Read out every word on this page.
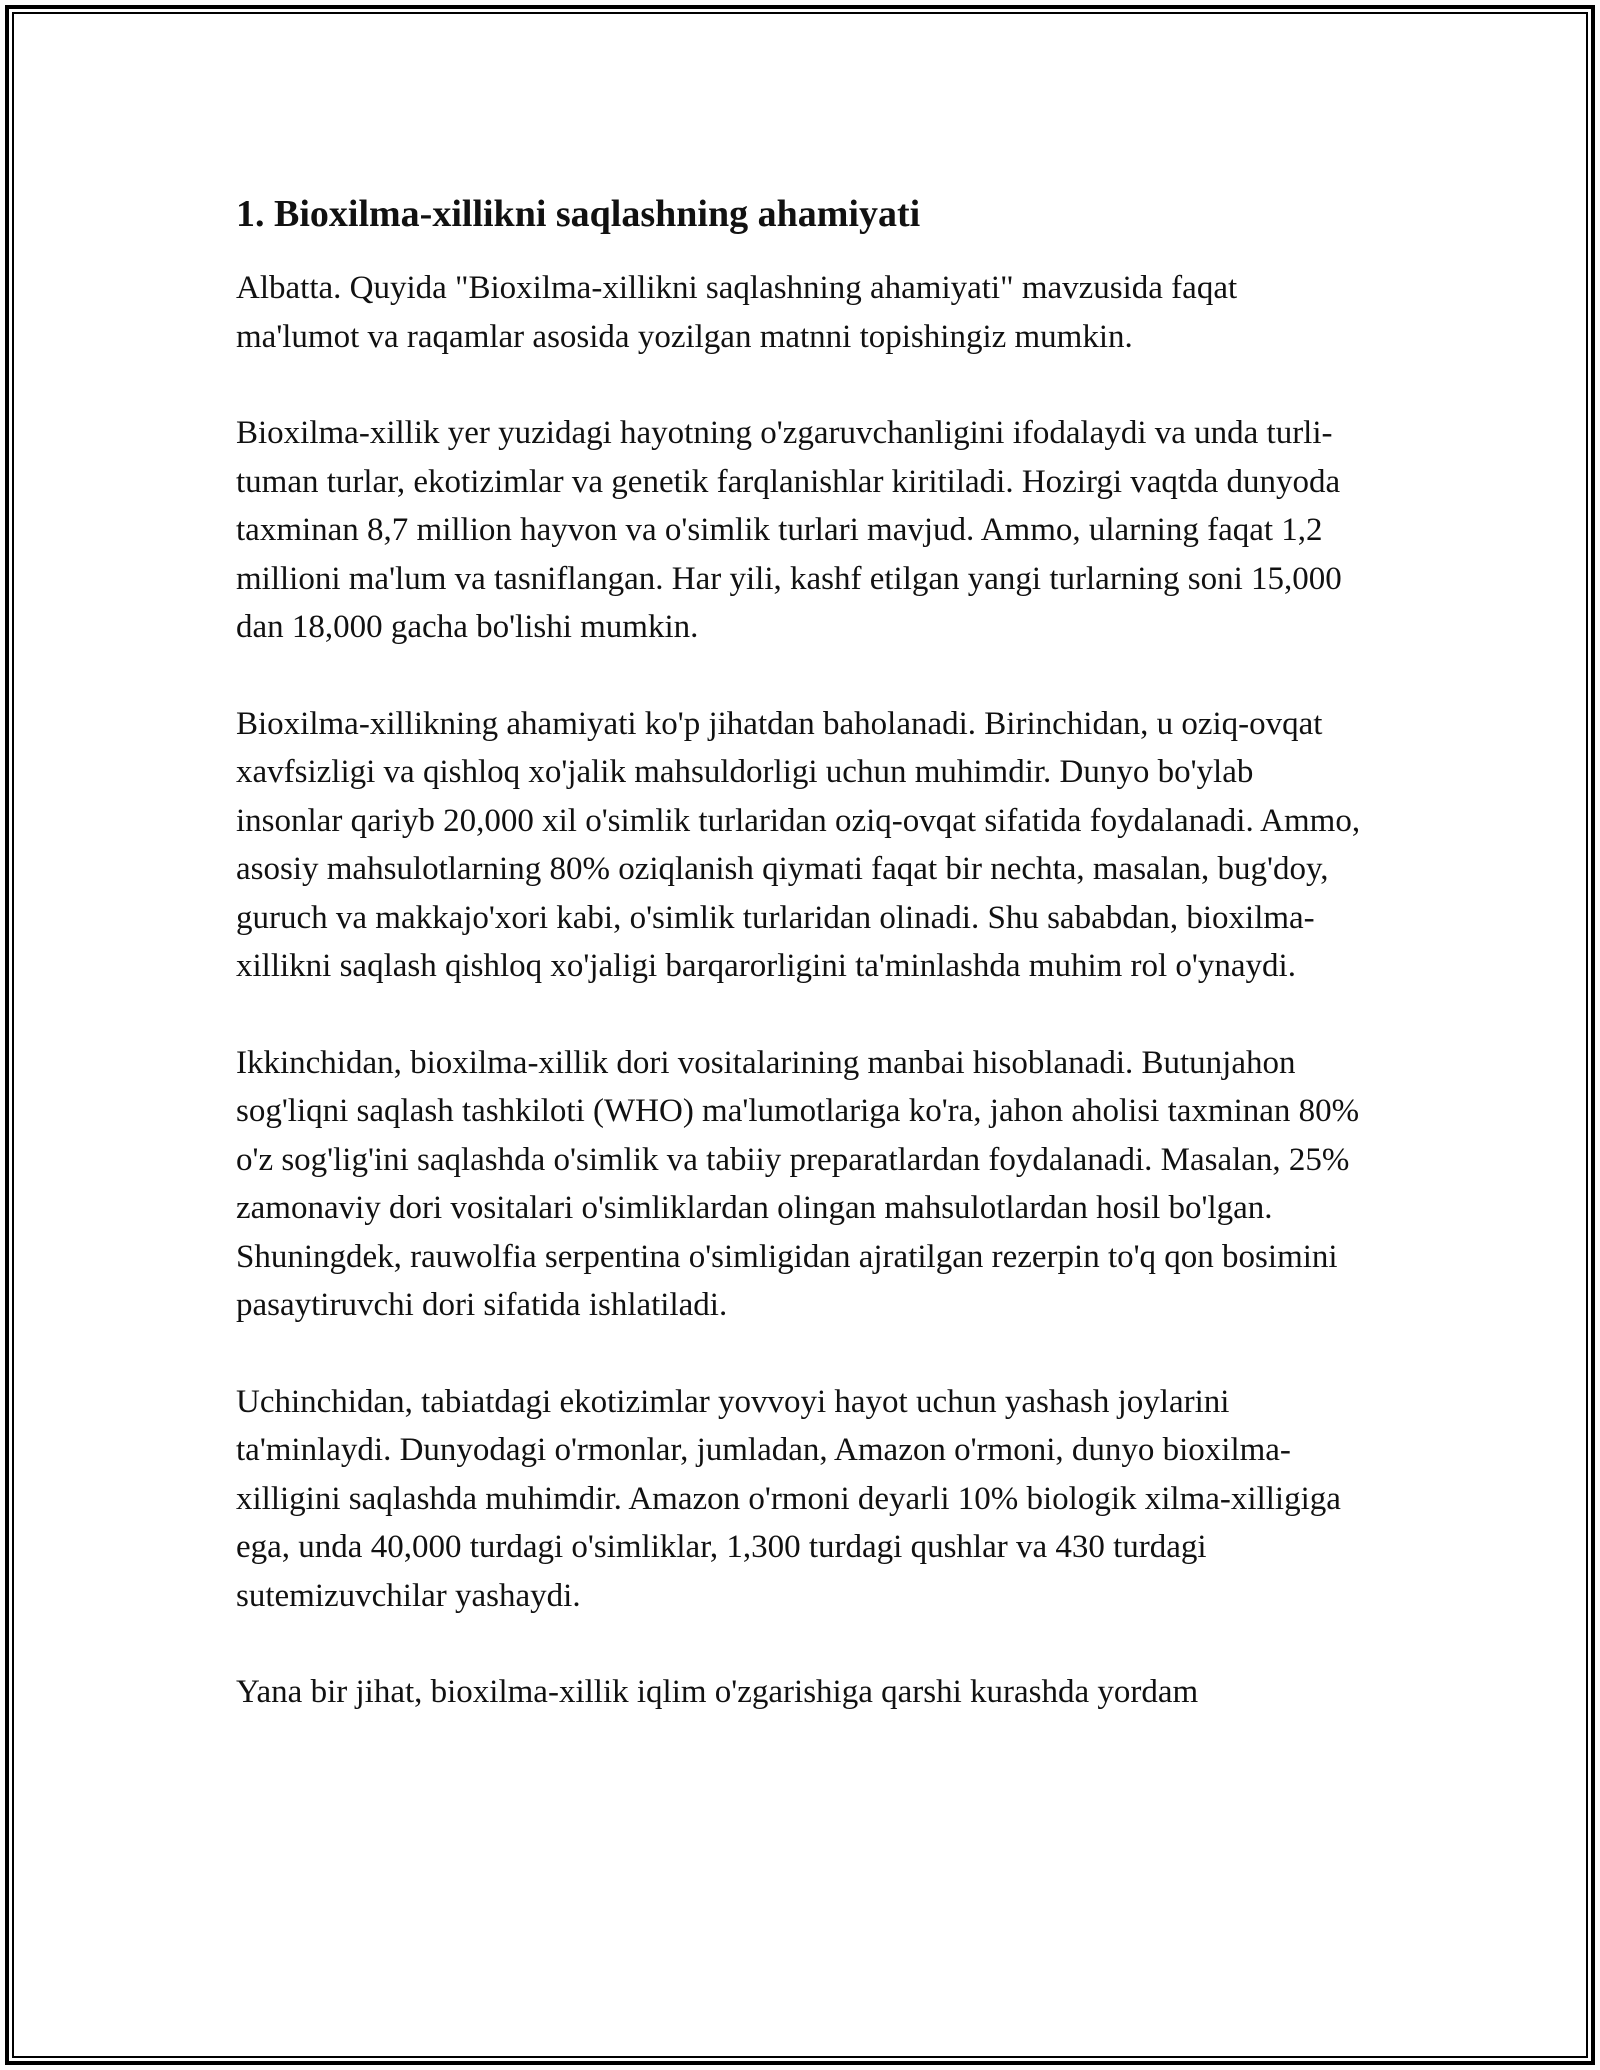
1. Bioxilma-xillikni saqlashning ahamiyati

Albatta. Quyida "Bioxilma-xillikni saqlashning ahamiyati" mavzusida faqat ma'lumot va raqamlar asosida yozilgan matnni topishingiz mumkin.

Bioxilma-xillik yer yuzidagi hayotning o'zgaruvchanligini ifodalaydi va unda turli-tuman turlar, ekotizimlar va genetik farqlanishlar kiritiladi. Hozirgi vaqtda dunyoda taxminan 8,7 million hayvon va o'simlik turlari mavjud. Ammo, ularning faqat 1,2 millioni ma'lum va tasniflangan. Har yili, kashf etilgan yangi turlarning soni 15,000 dan 18,000 gacha bo'lishi mumkin.

Bioxilma-xillikning ahamiyati ko'p jihatdan baholanadi. Birinchidan, u oziq-ovqat xavfsizligi va qishloq xo'jalik mahsuldorligi uchun muhimdir. Dunyo bo'ylab insonlar qariyb 20,000 xil o'simlik turlaridan oziq-ovqat sifatida foydalanadi. Ammo, asosiy mahsulotlarning 80% oziqlanish qiymati faqat bir nechta, masalan, bug'doy, guruch va makkajo'xori kabi, o'simlik turlaridan olinadi. Shu sababdan, bioxilma-xillikni saqlash qishloq xo'jaligi barqarorligini ta'minlashda muhim rol o'ynaydi.

Ikkinchidan, bioxilma-xillik dori vositalarining manbai hisoblanadi. Butunjahon sog'liqni saqlash tashkiloti (WHO) ma'lumotlariga ko'ra, jahon aholisi taxminan 80% o'z sog'lig'ini saqlashda o'simlik va tabiiy preparatlardan foydalanadi. Masalan, 25% zamonaviy dori vositalari o'simliklardan olingan mahsulotlardan hosil bo'lgan. Shuningdek, rauwolfia serpentina o'simligidan ajratilgan rezerpin to'q qon bosimini pasaytiruvchi dori sifatida ishlatiladi.

Uchinchidan, tabiatdagi ekotizimlar yovvoyi hayot uchun yashash joylarini ta'minlaydi. Dunyodagi o'rmonlar, jumladan, Amazon o'rmoni, dunyo bioxilma-xilligini saqlashda muhimdir. Amazon o'rmoni deyarli 10% biologik xilma-xilligiga ega, unda 40,000 turdagi o'simliklar, 1,300 turdagi qushlar va 430 turdagi sutemizuvchilar yashaydi.

Yana bir jihat, bioxilma-xillik iqlim o'zgarishiga qarshi kurashda yordam
